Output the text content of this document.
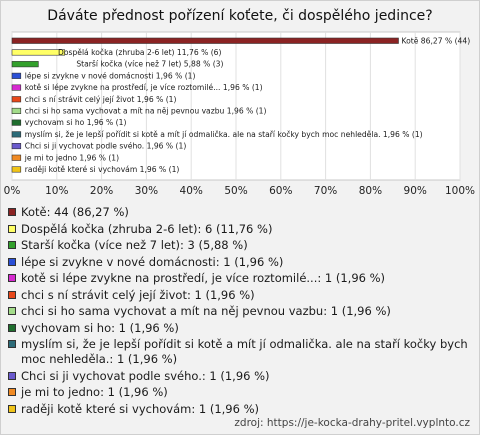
Dáváte přednost pořízení koťete, či dospělého jedince?
0% 10% 20% 30% 40% 50% 60% 70% 80% 90% 100%
Kotě 86,27 % (44)
Dospělá kočka (zhruba 2-6 let) 11,76 % (6)
Starší kočka (více než 7 let) 5,88 % (3)
lépe si zvykne v nové domácnosti 1,96 % (1)
kotě si lépe zvykne na prostředí, je více roztomilé... 1,96 % (1)
chci s ní strávit celý její život 1,96 % (1)
chci si ho sama vychovat a mít na něj pevnou vazbu 1,96 % (1)
vychovam si ho 1,96 % (1)
myslím si, že je lepší pořídit si kotě a mít jí odmalička. ale na staří kočky bych moc nehleděla. 1,96 % (1)
Chci si ji vychovat podle svého. 1,96 % (1)
je mi to jedno 1,96 % (1)
raději kotě které si vychovám 1,96 % (1)
Kotě: 44 (86,27 %)
Dospělá kočka (zhruba 2-6 let): 6 (11,76 %)
Starší kočka (více než 7 let): 3 (5,88 %)
lépe si zvykne v nové domácnosti: 1 (1,96 %)
kotě si lépe zvykne na prostředí, je více roztomilé...: 1 (1,96 %)
chci s ní strávit celý její život: 1 (1,96 %)
chci si ho sama vychovat a mít na něj pevnou vazbu: 1 (1,96 %)
vychovam si ho: 1 (1,96 %)
myslím si, že je lepší pořídit si kotě a mít jí odmalička. ale na staří kočky bych moc nehleděla.: 1 (1,96 %)
Chci si ji vychovat podle svého.: 1 (1,96 %)
je mi to jedno: 1 (1,96 %)
raději kotě které si vychovám: 1 (1,96 %)
zdroj: https://je-kocka-drahy-pritel.vyplnto.cz
